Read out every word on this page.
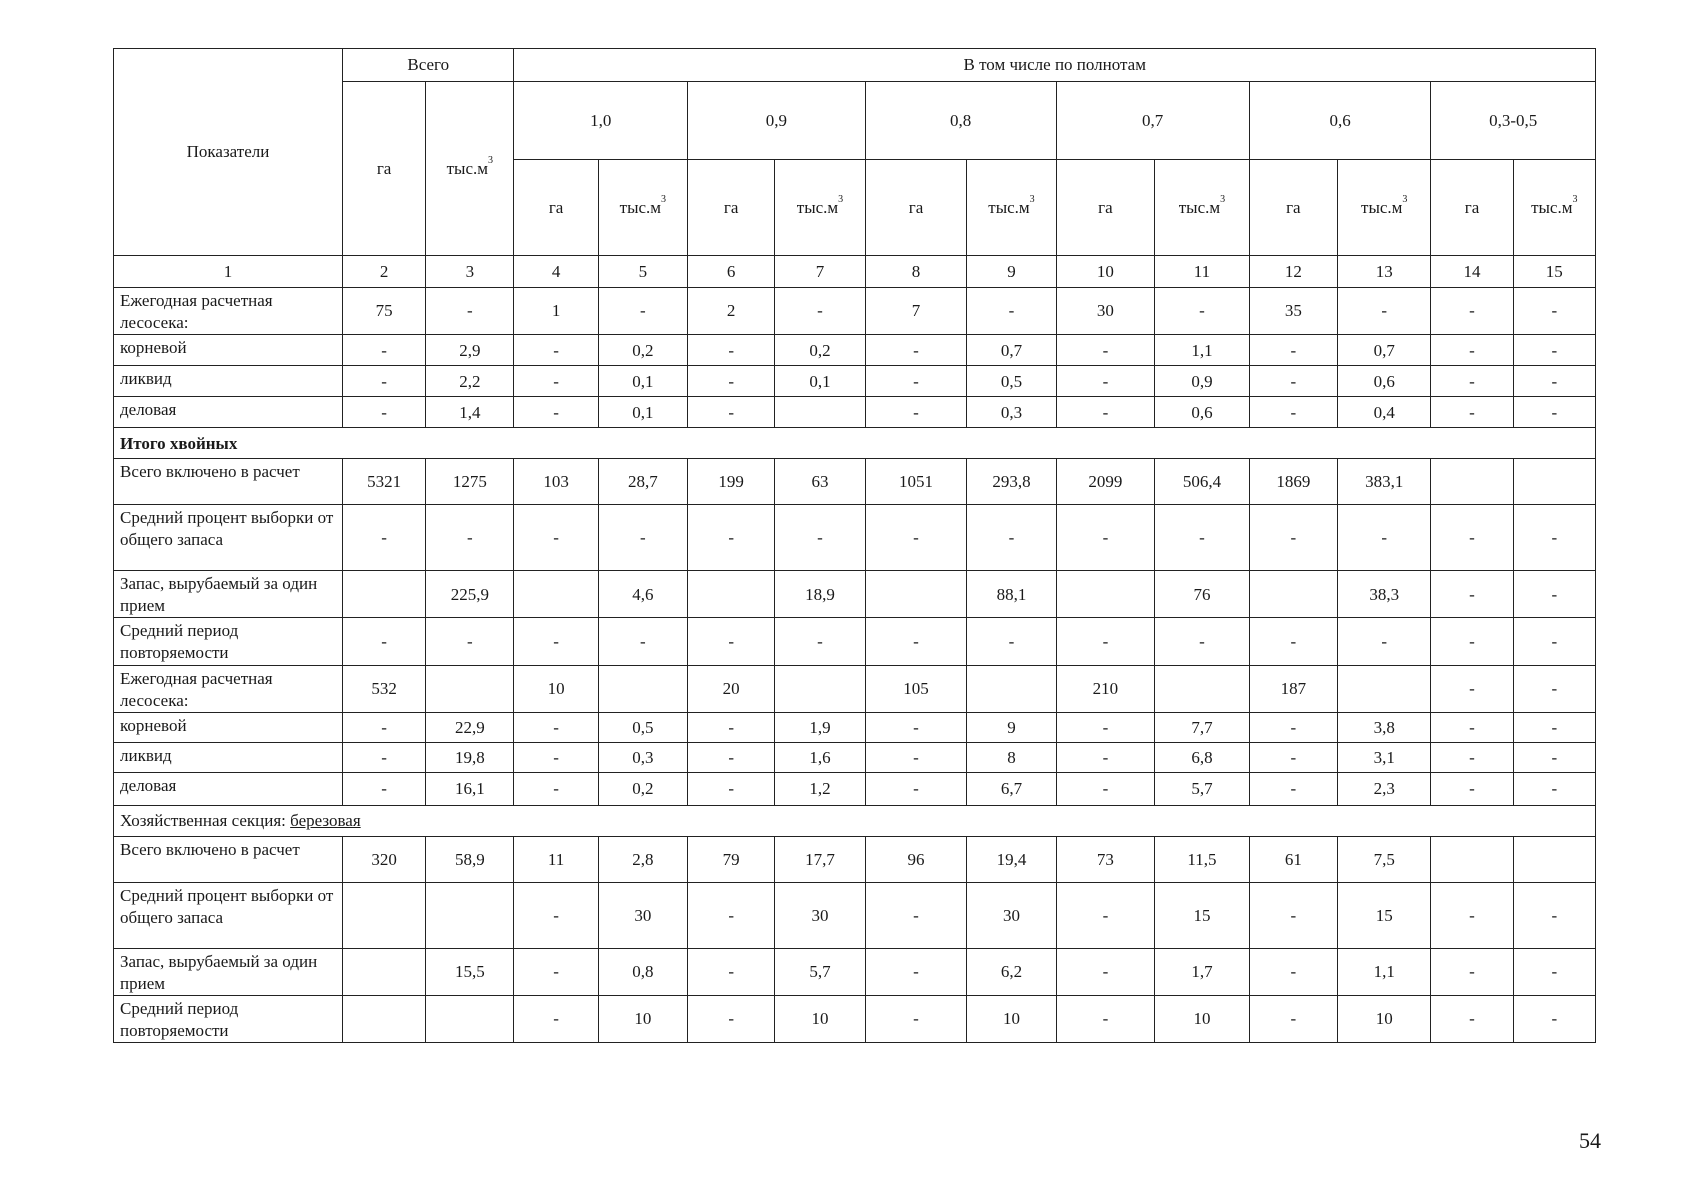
Показатели	Всего		В том числе по полнотам											
	га	$тыс.м^3$	1,0		0,9		0,8		0,7		0,6		0,3-0,5	
			га	$тыс.м^3$	га	$тыс.м^3$	га	$тыс.м^3$	га	$тыс.м^3$	га	$тыс.м^3$	га	$тыс.м^3$
1	2	3	4	5	6	7	8	9	10	11	12	13	14	15
Ежегодная расчетная лесосека:	75	-	1	-	2	-	7	-	30	-	35	-	-	-
корневой	-	2,9	-	0,2	-	0,2	-	0,7	-	1,1	-	0,7	-	-
ликвид	-	2,2	-	0,1	-	0,1	-	0,5	-	0,9	-	0,6	-	-
деловая	-	1,4	-	0,1	-		-	0,3	-	0,6	-	0,4	-	-
Итого хвойных														
Всего включено в расчет	5321	1275	103	28,7	199	63	1051	293,8	2099	506,4	1869	383,1		
Средний процент выборки от общего запаса	-	-	-	-	-	-	-	-	-	-	-	-	-	-
Запас, вырубаемый за один прием		225,9		4,6		18,9		88,1		76		38,3	-	-
Средний период повторяемости	-	-	-	-	-	-	-	-	-	-	-	-	-	-
Ежегодная расчетная лесосека:	532		10		20		105		210		187		-	-
корневой	-	22,9	-	0,5	-	1,9	-	9	-	7,7	-	3,8	-	-
ликвид	-	19,8	-	0,3	-	1,6	-	8	-	6,8	-	3,1	-	-
деловая	-	16,1	-	0,2	-	1,2	-	6,7	-	5,7	-	2,3	-	-
Хозяйственная секция: березовая														
Всего включено в расчет	320	58,9	11	2,8	79	17,7	96	19,4	73	11,5	61	7,5		
Средний процент выборки от общего запаса			-	30	-	30	-	30	-	15	-	15	-	-
Запас, вырубаемый за один прием		15,5	-	0,8	-	5,7	-	6,2	-	1,7	-	1,1	-	-
Средний период повторяемости			-	10	-	10	-	10	-	10	-	10	-	-
54
